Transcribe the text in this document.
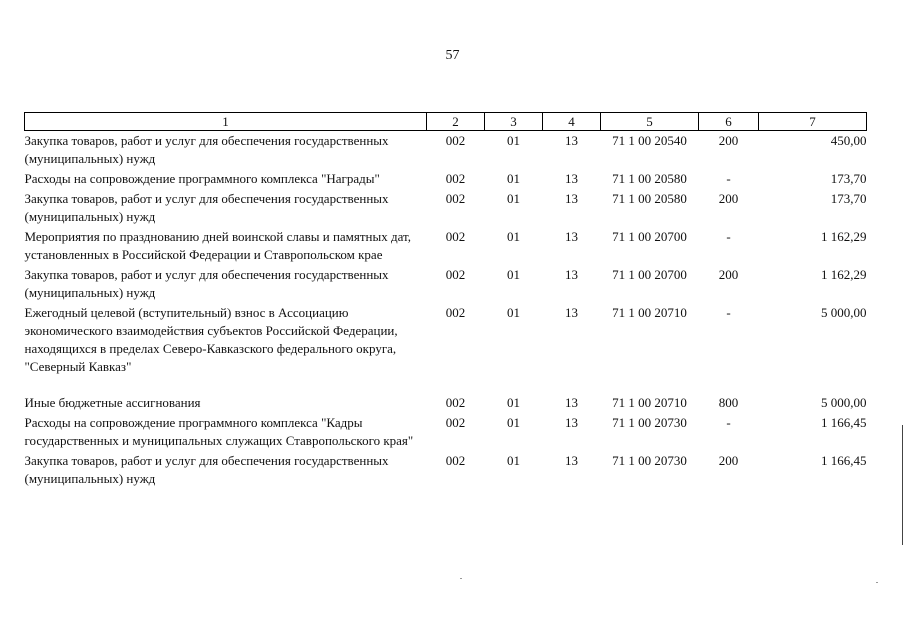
57
1	2	3	4	5	6	7
Закупка товаров, работ и услуг для обеспечения государственных (муниципальных) нужд	002	01	13	71 1 00 20540	200	450,00
Расходы на сопровождение программного комплекса "Награды"	002	01	13	71 1 00 20580	-	173,70
Закупка товаров, работ и услуг для обеспечения государственных (муниципальных) нужд	002	01	13	71 1 00 20580	200	173,70
Мероприятия по празднованию дней воинской славы и памятных дат, установленных в Российской Федерации и Ставропольском крае	002	01	13	71 1 00 20700	-	1 162,29
Закупка товаров, работ и услуг для обеспечения государственных (муниципальных) нужд	002	01	13	71 1 00 20700	200	1 162,29
Ежегодный целевой (вступительный) взнос в Ассоциацию экономического взаимодействия субъектов Российской Федерации, находящихся в пределах Северо-Кавказского федерального округа, "Северный Кавказ"	002	01	13	71 1 00 20710	-	5 000,00

Иные бюджетные ассигнования	002	01	13	71 1 00 20710	800	5 000,00
Расходы на сопровождение программного комплекса "Кадры государственных и муниципальных служащих Ставропольского края"	002	01	13	71 1 00 20730	-	1 166,45
Закупка товаров, работ и услуг для обеспечения государственных (муниципальных) нужд	002	01	13	71 1 00 20730	200	1 166,45
